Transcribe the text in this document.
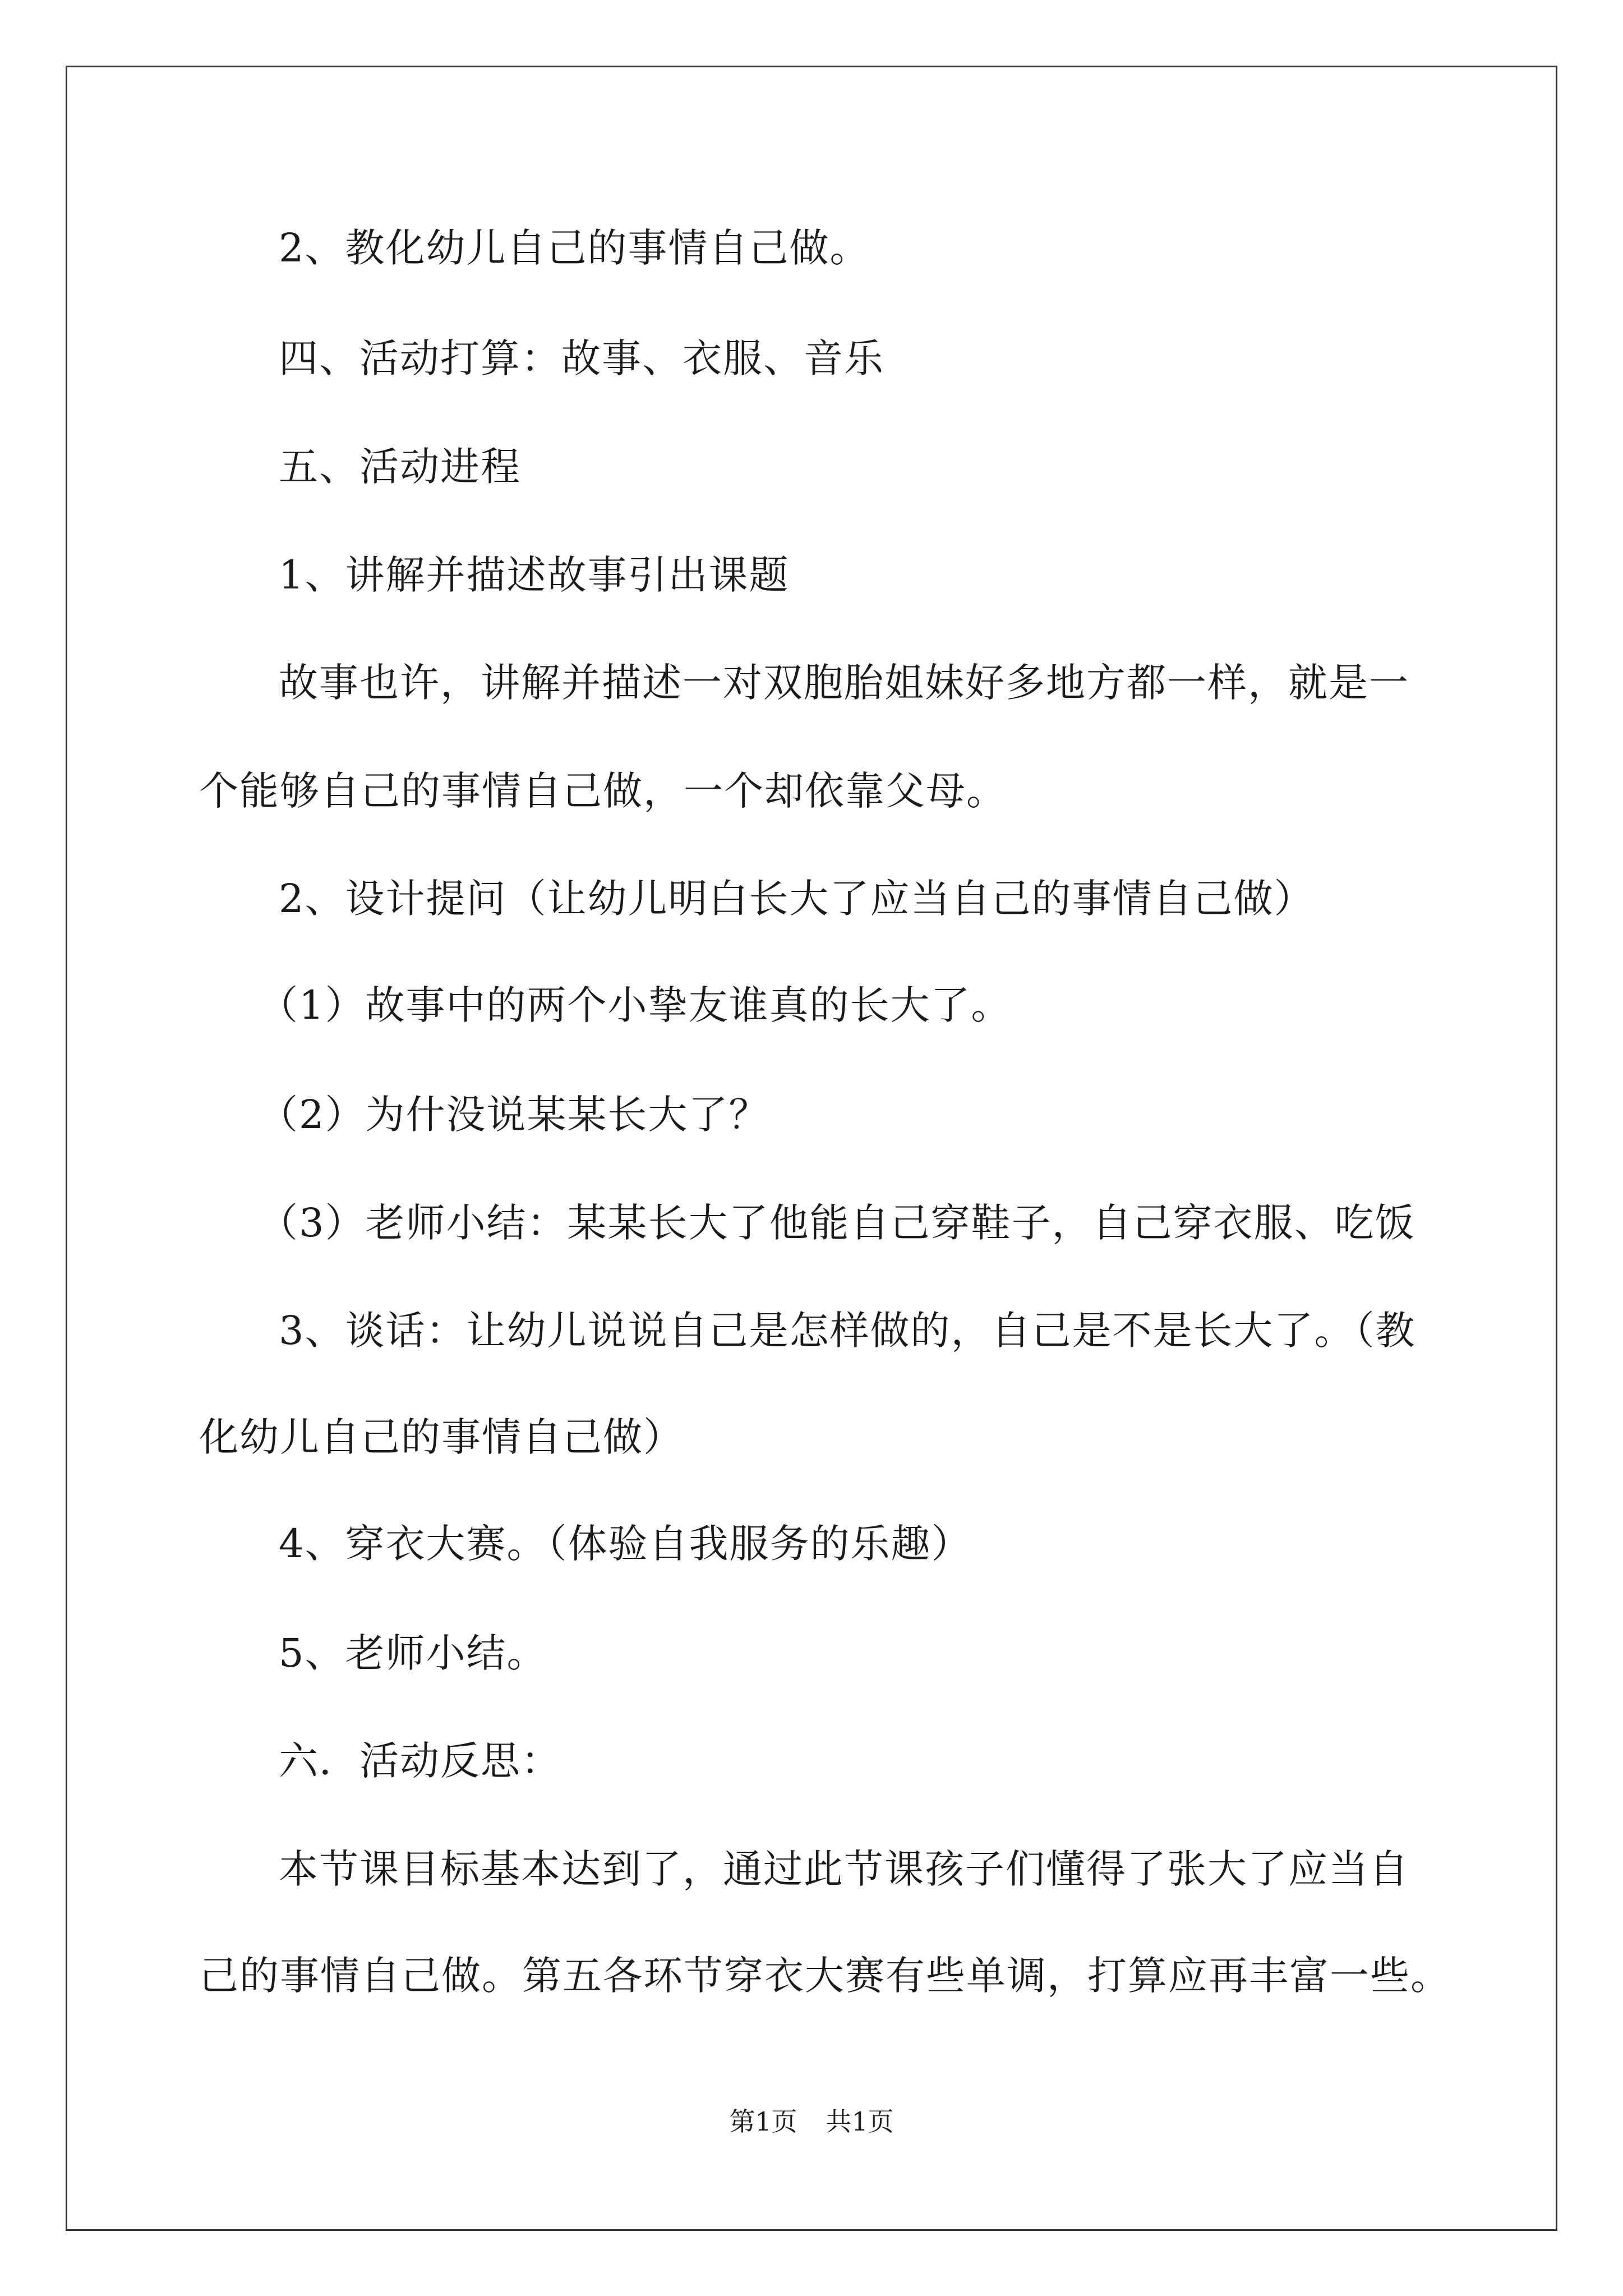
2、教化幼儿自己的事情自己做。
四、活动打算：故事、衣服、音乐
五、活动进程
1、讲解并描述故事引出课题
故事也许，讲解并描述一对双胞胎姐妹好多地方都一样，就是一
个能够自己的事情自己做，一个却依靠父母。
2、设计提问（让幼儿明白长大了应当自己的事情自己做）
（1）故事中的两个小挚友谁真的长大了。
（2）为什没说某某长大了？
（3）老师小结：某某长大了他能自己穿鞋子，自己穿衣服、吃饭
3、谈话：让幼儿说说自己是怎样做的，自己是不是长大了。（教
化幼儿自己的事情自己做）
4、穿衣大赛。（体验自我服务的乐趣）
5、老师小结。
六．活动反思：
本节课目标基本达到了，通过此节课孩子们懂得了张大了应当自
己的事情自己做。第五各环节穿衣大赛有些单调，打算应再丰富一些。
第1页 共1页
